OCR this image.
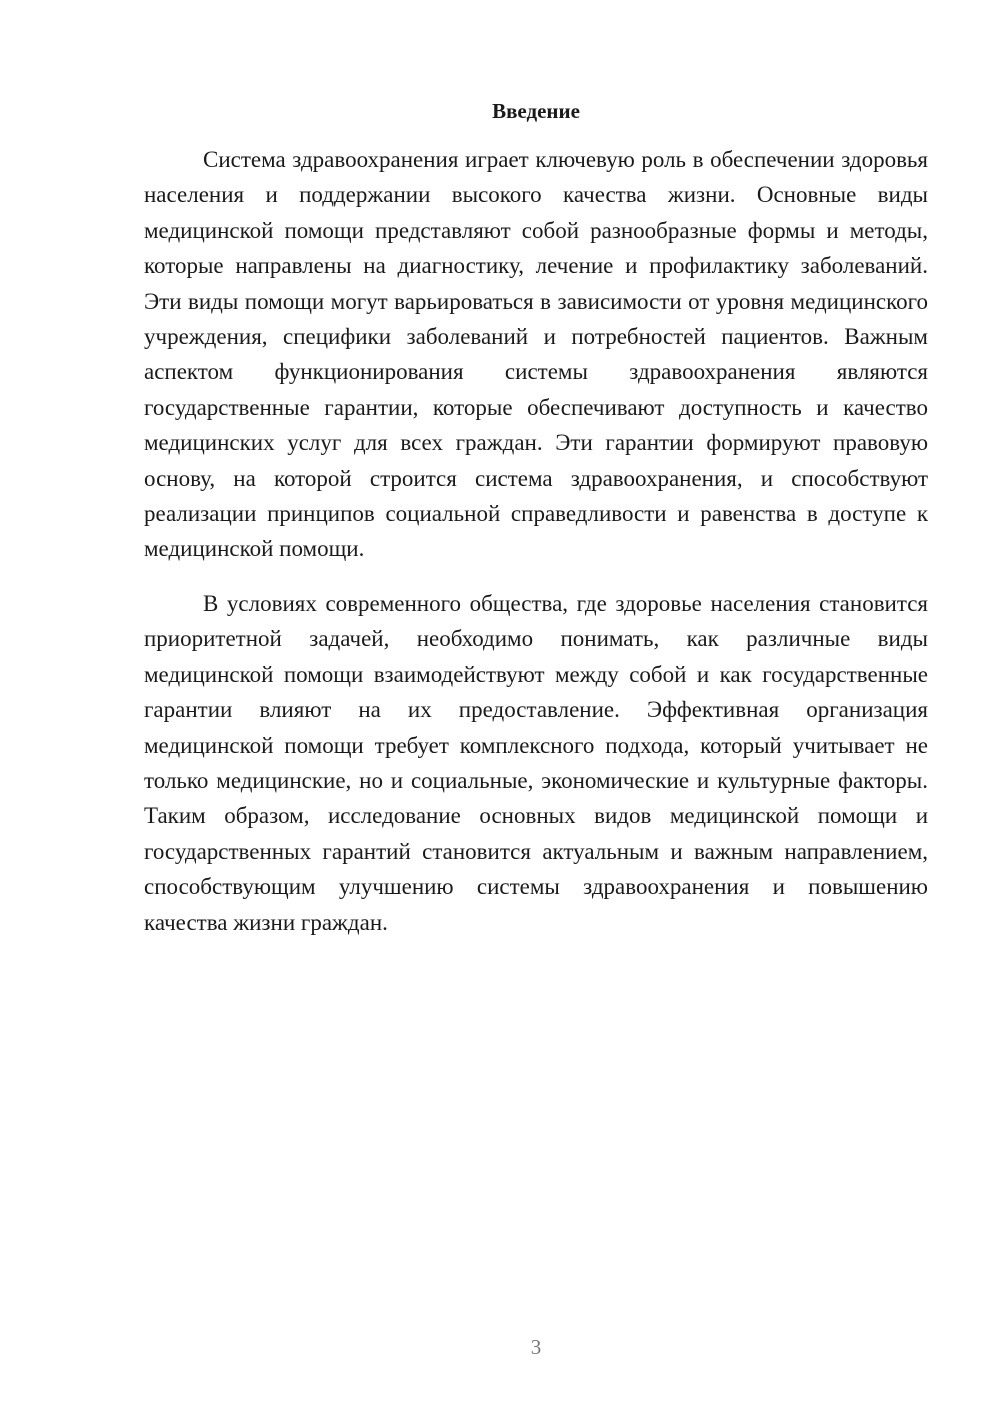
Введение

Система здравоохранения играет ключевую роль в обеспечении здоровья населения и поддержании высокого качества жизни. Основные виды медицинской помощи представляют собой разнообразные формы и методы, которые направлены на диагностику, лечение и профилактику заболеваний. Эти виды помощи могут варьироваться в зависимости от уровня медицинского учреждения, специфики заболеваний и потребностей пациентов. Важным аспектом функционирования системы здравоохранения являются государственные гарантии, которые обеспечивают доступность и качество медицинских услуг для всех граждан. Эти гарантии формируют правовую основу, на которой строится система здравоохранения, и способствуют реализации принципов социальной справедливости и равенства в доступе к медицинской помощи.

В условиях современного общества, где здоровье населения становится приоритетной задачей, необходимо понимать, как различные виды медицинской помощи взаимодействуют между собой и как государственные гарантии влияют на их предоставление. Эффективная организация медицинской помощи требует комплексного подхода, который учитывает не только медицинские, но и социальные, экономические и культурные факторы. Таким образом, исследование основных видов медицинской помощи и государственных гарантий становится актуальным и важным направлением, способствующим улучшению системы здравоохранения и повышению качества жизни граждан.

3
